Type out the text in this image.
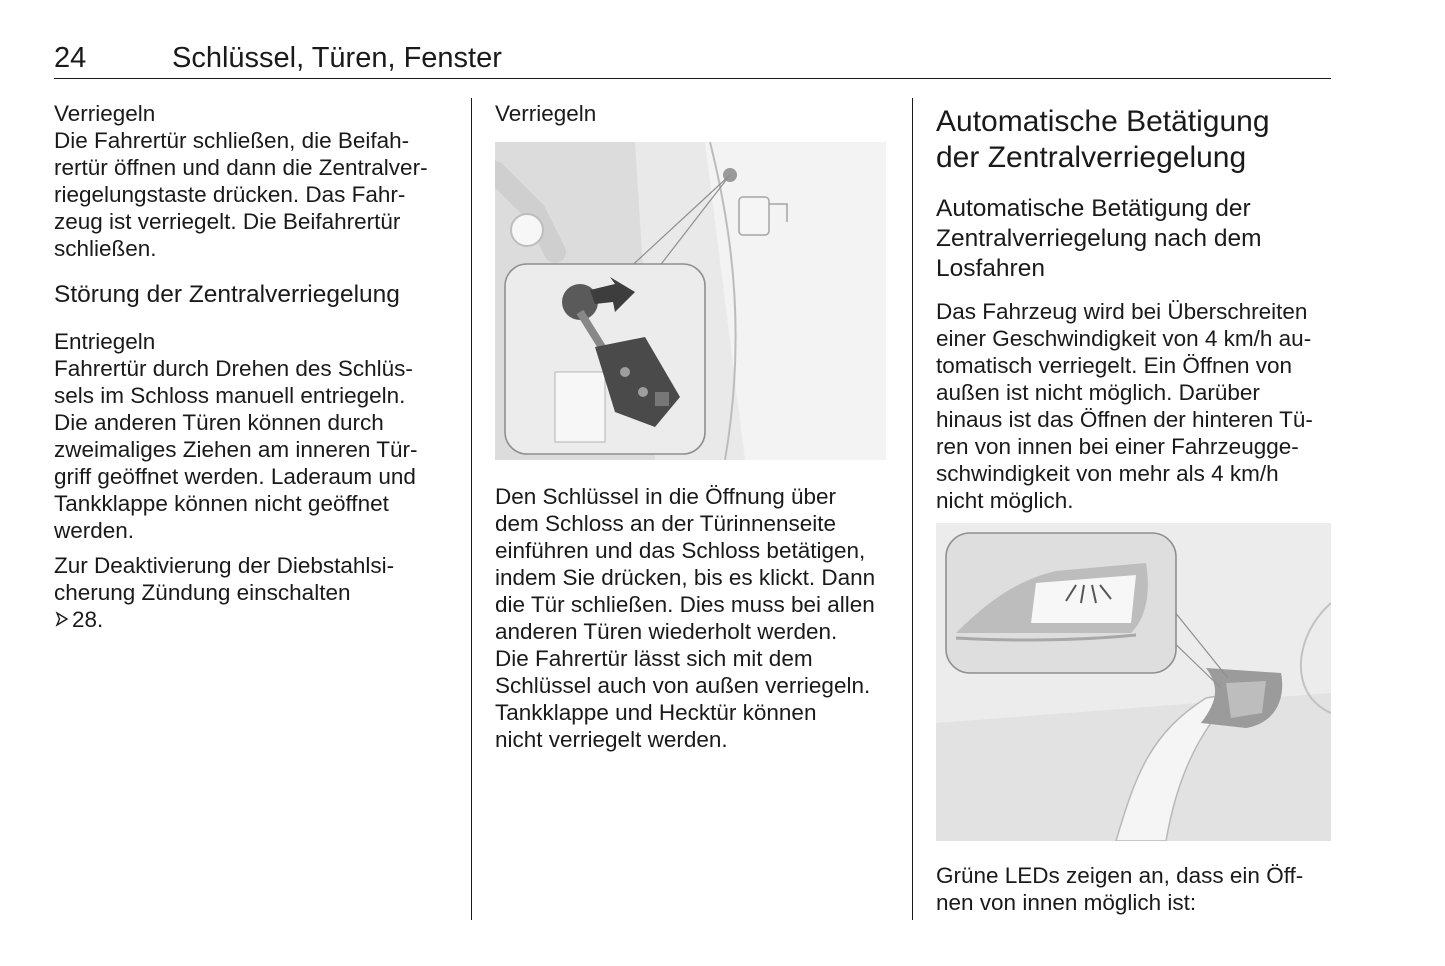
24	Schlüssel, Türen, Fenster

Verriegeln

Die Fahrertür schließen, die Beifah-
rertür öffnen und dann die Zentralver-
riegelungstaste drücken. Das Fahr-
zeug ist verriegelt. Die Beifahrertür
schließen.

Störung der Zentralverriegelung

Entriegeln

Fahrertür durch Drehen des Schlüs-
sels im Schloss manuell entriegeln.
Die anderen Türen können durch
zweimaliges Ziehen am inneren Tür-
griff geöffnet werden. Laderaum und
Tankklappe können nicht geöffnet
werden.

Zur Deaktivierung der Diebstahlsi-
cherung Zündung einschalten

28.

Verriegeln

Den Schlüssel in die Öffnung über
dem Schloss an der Türinnenseite
einführen und das Schloss betätigen,
indem Sie drücken, bis es klickt. Dann
die Tür schließen. Dies muss bei allen
anderen Türen wiederholt werden.
Die Fahrertür lässt sich mit dem
Schlüssel auch von außen verriegeln.
Tankklappe und Hecktür können
nicht verriegelt werden.

Automatische Betätigung
der Zentralverriegelung

Automatische Betätigung der
Zentralverriegelung nach dem
Losfahren

Das Fahrzeug wird bei Überschreiten
einer Geschwindigkeit von 4 km/h au-
tomatisch verriegelt. Ein Öffnen von
außen ist nicht möglich. Darüber
hinaus ist das Öffnen der hinteren Tü-
ren von innen bei einer Fahrzeugge-
schwindigkeit von mehr als 4 km/h
nicht möglich.

Grüne LEDs zeigen an, dass ein Öff-
nen von innen möglich ist:
